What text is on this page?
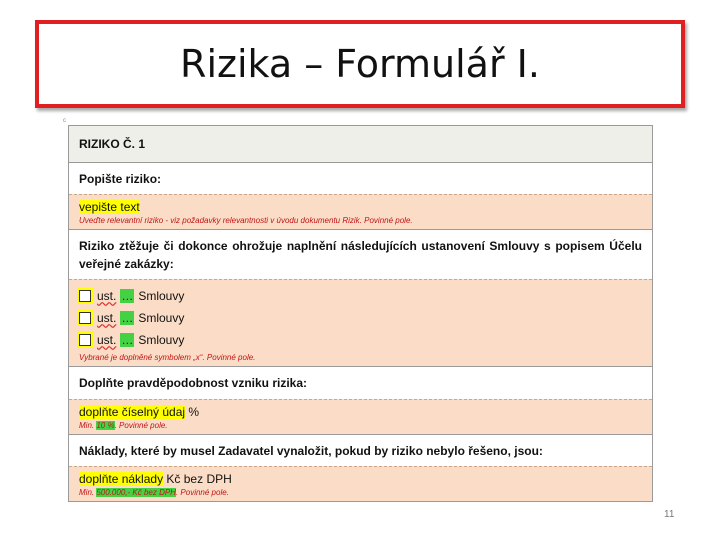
Rizika – Formulář I.
c
RIZIKO Č. 1
Popište riziko:
vepište text
Uveďte relevantní riziko - viz požadavky relevantnosti v úvodu dokumentu Rizik. Povinné pole.
Riziko ztěžuje či dokonce ohrožuje naplnění následujících ustanovení Smlouvy s popisem Účelu veřejné zakázky:
ust. … Smlouvy
ust. … Smlouvy
ust. … Smlouvy
Vybrané je doplněné symbolem „x“. Povinné pole.
Doplňte pravděpodobnost vzniku rizika:
doplňte číselný údaj %
Min. 10 %. Povinné pole.
Náklady, které by musel Zadavatel vynaložit, pokud by riziko nebylo řešeno, jsou:
doplňte náklady Kč bez DPH
Min. 500.000,- Kč bez DPH. Povinné pole.
11
